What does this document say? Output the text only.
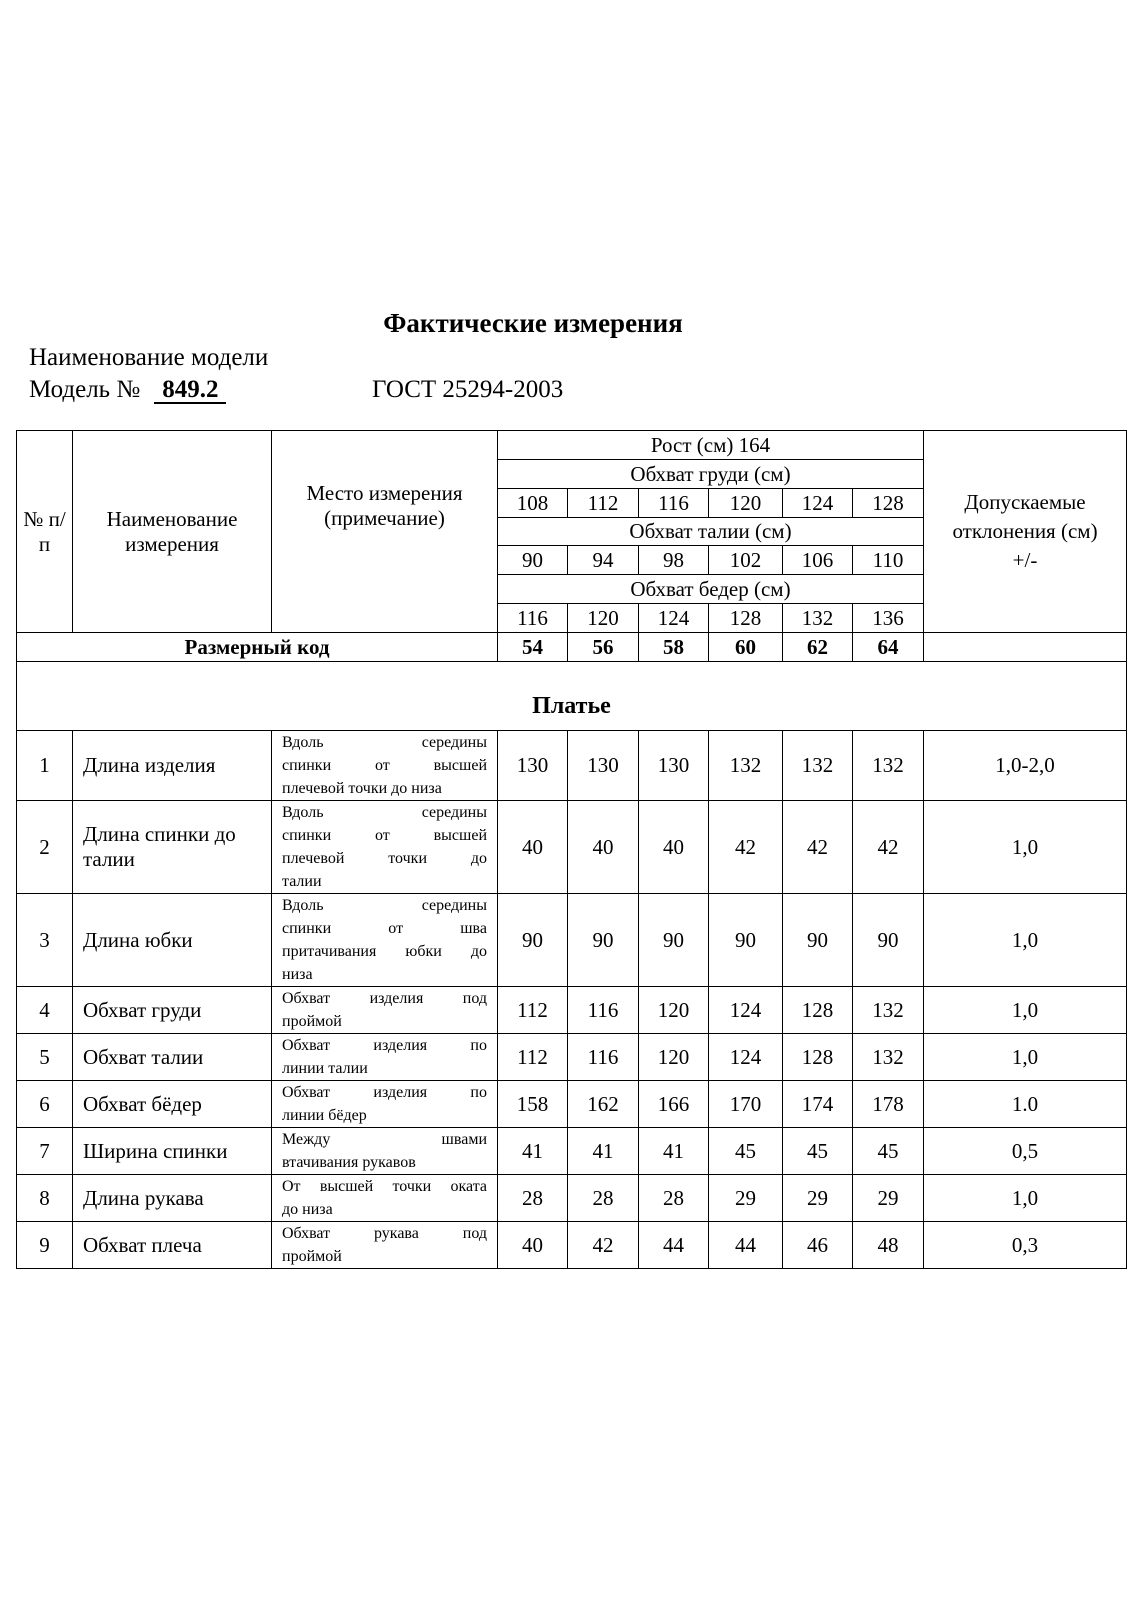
Фактические измерения
Наименование модели
Модель № 849.2	ГОСТ 25294-2003
№ п/п	Наименование измерения	Место измерения (примечание)	Рост (см) 164						Допускаемые отклонения (см) +/-
			Обхват груди (см)						
			108	112	116	120	124	128	
			Обхват талии (см)						
			90	94	98	102	106	110	
			Обхват бедер (см)						
			116	120	124	128	132	136	
Размерный код			54	56	58	60	62	64	
Платье									
1	Длина изделия	Вдоль середины
спинки от высшей
плечевой точки до низа	130	130	130	132	132	132	1,0-2,0
2	Длина спинки до талии	Вдоль середины
спинки от высшей
плечевой точки до
талии	40	40	40	42	42	42	1,0
3	Длина юбки	Вдоль середины
спинки от шва
притачивания юбки до
низа	90	90	90	90	90	90	1,0
4	Обхват груди	Обхват изделия под
проймой	112	116	120	124	128	132	1,0
5	Обхват талии	Обхват изделия по
линии талии	112	116	120	124	128	132	1,0
6	Обхват бёдер	Обхват изделия по
линии бёдер	158	162	166	170	174	178	1.0
7	Ширина спинки	Между швами
втачивания рукавов	41	41	41	45	45	45	0,5
8	Длина рукава	От высшей точки оката
до низа	28	28	28	29	29	29	1,0
9	Обхват плеча	Обхват рукава под
проймой	40	42	44	44	46	48	0,3
